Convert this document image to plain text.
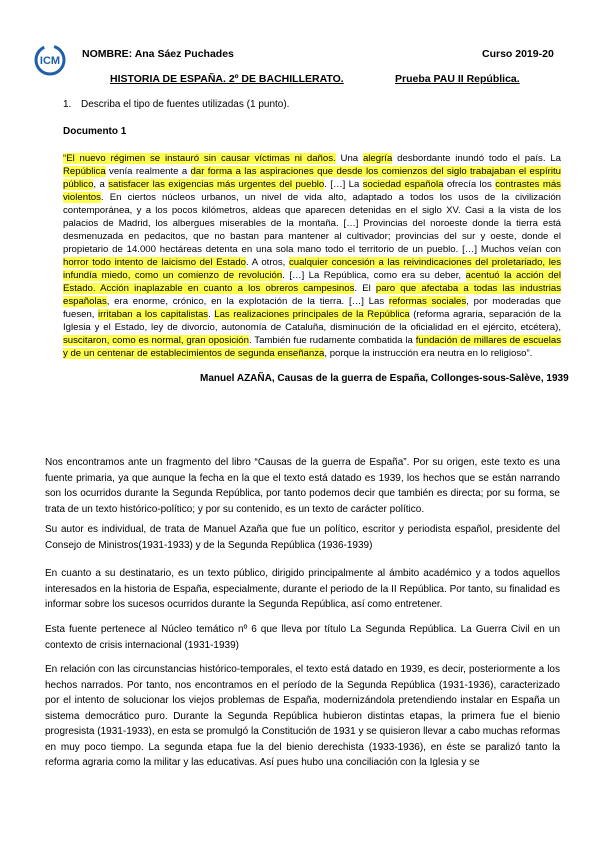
ICM
NOMBRE: Ana Sáez Puchades	Curso 2019-20
HISTORIA DE ESPAÑA. 2º DE BACHILLERATO.	Prueba PAU II República.
1. Describa el tipo de fuentes utilizadas (1 punto).
Documento 1
“El nuevo régimen se instauró sin causar víctimas ni daños. Una alegría desbordante inundó todo el país. La República venía realmente a dar forma a las aspiraciones que desde los comienzos del siglo trabajaban el espíritu público, a satisfacer las exigencias más urgentes del pueblo. […] La sociedad española ofrecía los contrastes más violentos. En ciertos núcleos urbanos, un nivel de vida alto, adaptado a todos los usos de la civilización contemporánea, y a los pocos kilómetros, aldeas que aparecen detenidas en el siglo XV. Casi a la vista de los palacios de Madrid, los albergues miserables de la montaña. […] Provincias del noroeste donde la tierra está desmenuzada en pedacitos, que no bastan para mantener al cultivador; provincias del sur y oeste, donde el propietario de 14.000 hectáreas detenta en una sola mano todo el territorio de un pueblo. […] Muchos veían con horror todo intento de laicismo del Estado. A otros, cualquier concesión a las reivindicaciones del proletariado, les infundía miedo, como un comienzo de revolución. […] La República, como era su deber, acentuó la acción del Estado. Acción inaplazable en cuanto a los obreros campesinos. El paro que afectaba a todas las industrias españolas, era enorme, crónico, en la explotación de la tierra. […] Las reformas sociales, por moderadas que fuesen, irritaban a los capitalistas. Las realizaciones principales de la República (reforma agraria, separación de la Iglesia y el Estado, ley de divorcio, autonomía de Cataluña, disminución de la oficialidad en el ejército, etcétera), suscitaron, como es normal, gran oposición. También fue rudamente combatida la fundación de millares de escuelas y de un centenar de establecimientos de segunda enseñanza, porque la instrucción era neutra en lo religioso”.
Manuel AZAÑA, Causas de la guerra de España, Collonges-sous-Salève, 1939
Nos encontramos ante un fragmento del libro “Causas de la guerra de España”. Por su origen, este texto es una fuente primaria, ya que aunque la fecha en la que el texto está datado es 1939, los hechos que se están narrando son los ocurridos durante la Segunda República, por tanto podemos decir que también es directa; por su forma, se trata de un texto histórico-político; y por su contenido, es un texto de carácter político.
Su autor es individual, de trata de Manuel Azaña que fue un político, escritor y periodista español, presidente del Consejo de Ministros(1931-1933) y de la Segunda República (1936-1939)
En cuanto a su destinatario, es un texto público, dirigido principalmente al ámbito académico y a todos aquellos interesados en la historia de España, especialmente, durante el periodo de la II República. Por tanto, su finalidad es informar sobre los sucesos ocurridos durante la Segunda República, así como entretener.
Esta fuente pertenece al Núcleo temático nº 6 que lleva por título La Segunda República. La Guerra Civil en un contexto de crisis internacional (1931-1939)
En relación con las circunstancias histórico-temporales, el texto está datado en 1939, es decir, posteriormente a los hechos narrados. Por tanto, nos encontramos en el período de la Segunda República (1931-1936), caracterizado por el intento de solucionar los viejos problemas de España, modernizándola pretendiendo instalar en España un sistema democrático puro. Durante la Segunda República hubieron distintas etapas, la primera fue el bienio progresista (1931-1933), en esta se promulgó la Constitución de 1931 y se quisieron llevar a cabo muchas reformas en muy poco tiempo. La segunda etapa fue la del bienio derechista (1933-1936), en éste se paralizó tanto la reforma agraria como la militar y las educativas. Así pues hubo una conciliación con la Iglesia y se
